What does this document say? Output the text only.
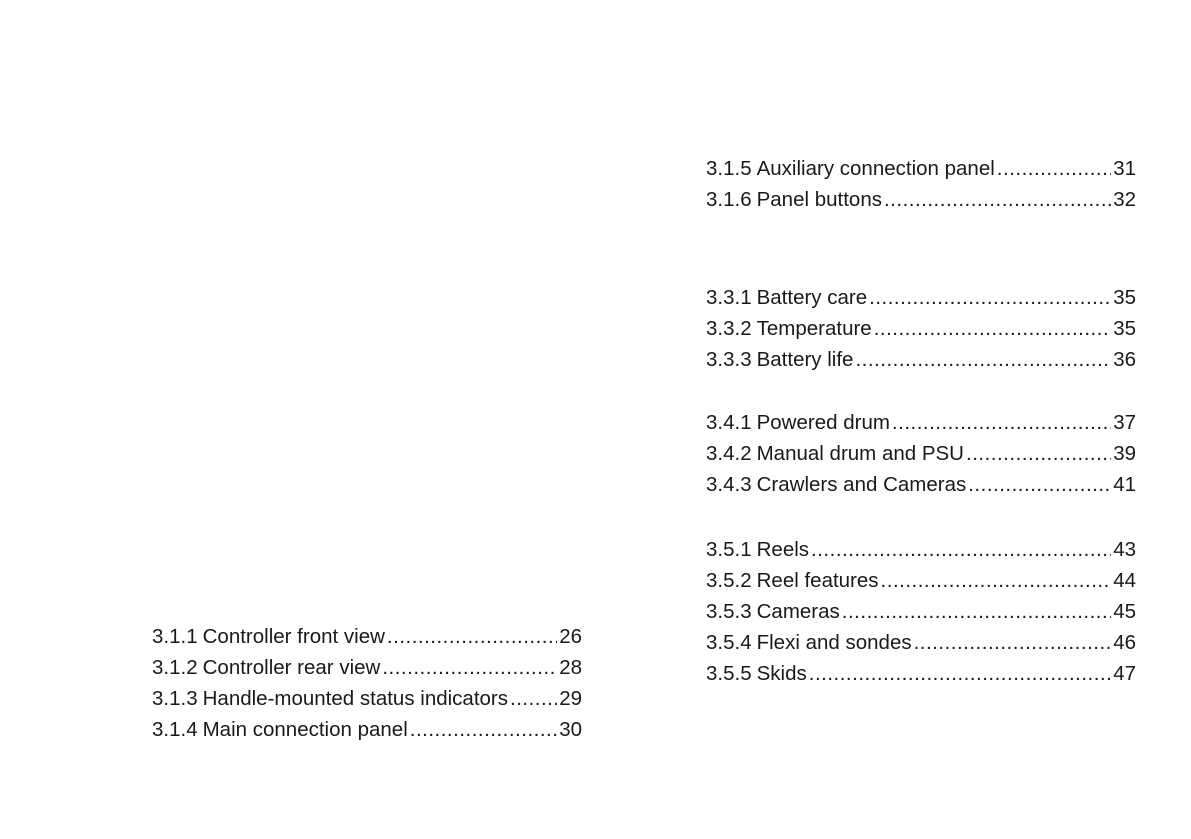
3.1.1 Controller front view .....	26
3.1.2 Controller rear view .....	28
3.1.3 Handle-mounted status indicators ..... 29
3.1.4 Main connection panel .....	30
3.1.5 Auxiliary connection panel .....	31
3.1.6 Panel buttons .....	32
3.3.1 Battery care .....	35
3.3.2 Temperature .....	35
3.3.3 Battery life .....	36
3.4.1 Powered drum .....	37
3.4.2 Manual drum and PSU .....	39
3.4.3 Crawlers and Cameras .....	41
3.5.1 Reels .....	43
3.5.2 Reel features .....	44
3.5.3 Cameras .....	45
3.5.4 Flexi and sondes .....	46
3.5.5 Skids .....	47
